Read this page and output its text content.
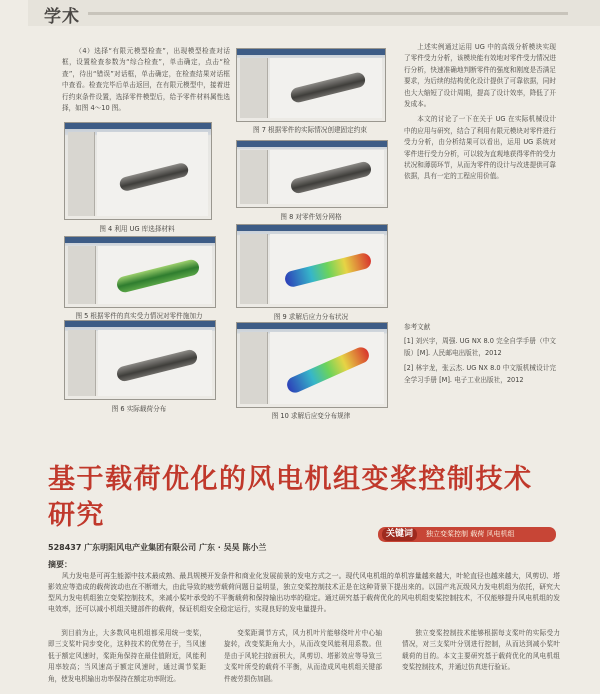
学术

（4）选择“有限元模型检查”，出现模型检查对话框，设置检查参数为“综合检查”，单击确定，点击“检查”，待出“错误”对话框，单击确定，在检查结果对话框中查看。检查完毕后单击返回，在有限元模型中，接着进行约束条件设置，选择零件模型后，给予零件材料属性选择，如图 4～10 图。

图 4 利用 UG 库选择材料
图 5 根据零件的真实受力情况对零件施加力
图 6 实际载荷分布
图 7 根据零件的实际情况创建固定约束
图 8 对零件划分网格
图 9 求解后应力分布状况
图 10 求解后应变分布规律

上述实例通过运用 UG 中的高级分析模块实现了零件受力分析，该模块能有效地对零件受力情况进行分析，快速准确地判断零件的强度和刚度是否满足要求，为后续的结构优化设计提供了可靠依据，同时也大大缩短了设计周期，提高了设计效率，降低了开发成本。

本文的讨论了一下在关于 UG 在实际机械设计中的应用与研究，结合了利用有限元模块对零件进行受力分析，由分析结果可以看出，运用 UG 系统对零件进行受力分析，可以较为直观地获得零件的受力状况和薄弱环节，从而为零件的设计与改进提供可靠依据，具有一定的工程应用价值。

参考文献

[1] 刘兴宇，周强. UG NX 8.0 完全自学手册（中文版）[M]. 人民邮电出版社，2012

[2] 林宇龙，张云杰. UG NX 8.0 中文版机械设计完全学习手册 [M]. 电子工业出版社，2012

基于载荷优化的风电机组变桨控制技术研究
关键词	独立变桨控制 载荷 风电机组
528437 广东明阳风电产业集团有限公司 广东 · 吴昊 陈小兰
摘要：
风力发电是可再生能源中技术最成熟、最具规模开发条件和商业化发展前景的发电方式之一。现代风电机组的单机容量越来越大，叶轮直径也越来越大，风剪切、塔影效应等造成的载荷波动也在不断增大，由此导致的疲劳载荷问题日益明显，独立变桨控制技术正是在这种背景下提出来的。以国产兆瓦级风力发电机组为依托，研究大型风力发电机组独立变桨控制技术，来减小桨叶承受的不平衡载荷和保持输出功率的稳定。通过研究基于载荷优化的风电机组变桨控制技术，不仅能够提升风电机组的发电效率，还可以减小机组关键部件的载荷，保证机组安全稳定运行，实现良好的发电量提升。

到目前为止，大多数风电机组都采用统一变桨，即三支桨叶同步变化，这种技术的优势在于，当风速低于额定风速时，桨距角保持在最佳值附近，风能利用率较高；当风速高于额定风速时，通过调节桨距角，使发电机输出功率保持在额定功率附近。

变桨距调节方式，风力机叶片能够绕叶片中心轴旋转，改变桨距角大小，从而改变风能利用系数。但是由于风轮扫掠面积大，风剪切、塔影效应等导致三支桨叶所受的载荷不平衡，从而造成风电机组关键部件疲劳损伤加剧。

独立变桨控制技术能够根据每支桨叶的实际受力情况，对三支桨叶分别进行控制，从而达到减小桨叶载荷的目的。本文主要研究基于载荷优化的风电机组变桨控制技术，并通过仿真进行验证。
